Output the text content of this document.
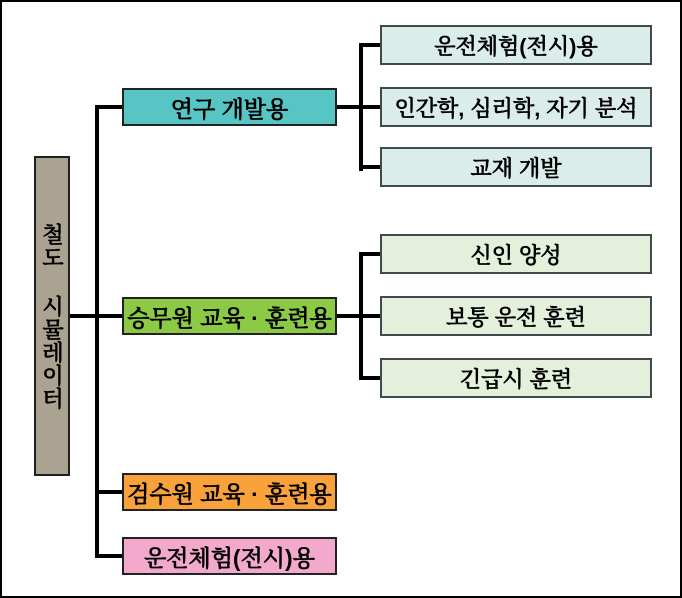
철도 시뮬레이터
연구 개발용
승무원 교육 · 훈련용
검수원 교육 · 훈련용
운전체험(전시)용
운전체험(전시)용
인간학, 심리학, 자기 분석
교재 개발
신인 양성
보통 운전 훈련
긴급시 훈련
